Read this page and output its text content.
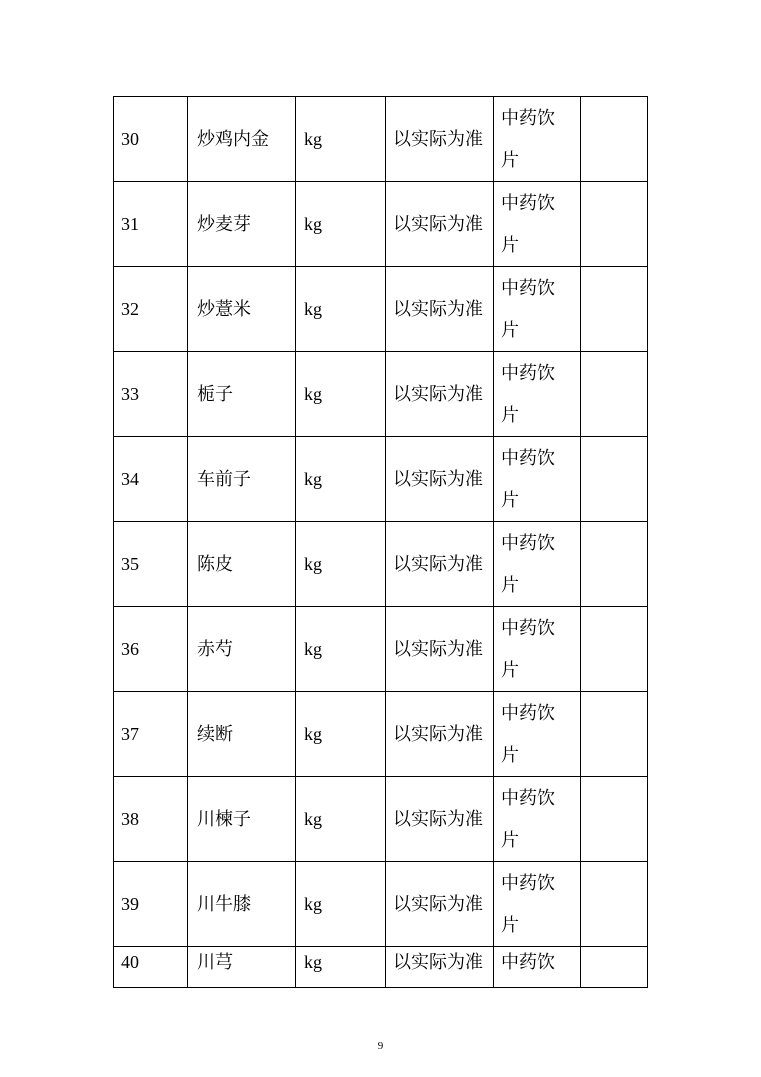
30	炒鸡内金	kg	以实际为准	中药饮
片	

31	炒麦芽	kg	以实际为准	中药饮
片	

32	炒薏米	kg	以实际为准	中药饮
片	

33	栀子	kg	以实际为准	中药饮
片	

34	车前子	kg	以实际为准	中药饮
片	

35	陈皮	kg	以实际为准	中药饮
片	

36	赤芍	kg	以实际为准	中药饮
片	

37	续断	kg	以实际为准	中药饮
片	

38	川楝子	kg	以实际为准	中药饮
片	

39	川牛膝	kg	以实际为准	中药饮
片	

40	川芎	kg	以实际为准	中药饮	

9
